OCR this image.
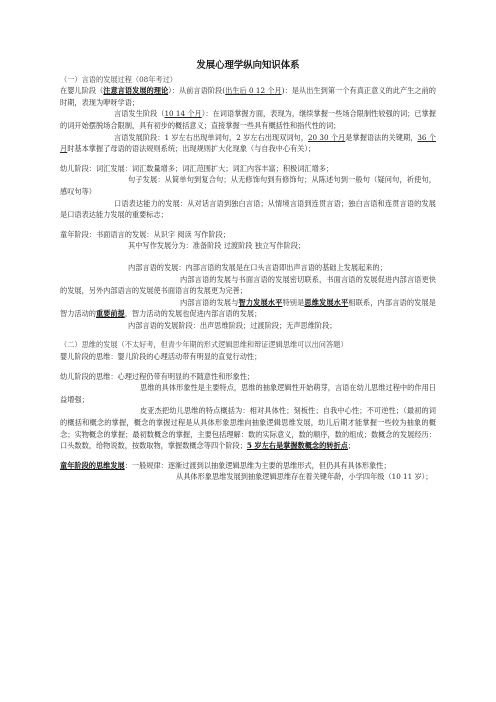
发展心理学纵向知识体系

（一）言语的发展过程（08年考过）

在婴儿阶段（注意言语发展的理论）：从前言语阶段(出生后 0 12 个月)：是从出生到第一个有真正意义的此产生之前的时期，表现为咿呀学语；

言语发生阶段（10 14 个月）：在词语掌握方面，表现为，继续掌握一些场合限制性较强的词；已掌握的词开始摆脱场合限制，具有初步的概括意义；直接掌握一些具有概括性和指代性的词；

言语发展阶段：1 岁左右出现单词句，2 岁左右出现双词句，20 30 个月是掌握语法的关键期，36 个月时基本掌握了母语的语法规则系统；出现规则扩大化现象（与自我中心有关）；

幼儿阶段：词汇发展：词汇数量增多；词汇范围扩大；词汇内容丰富；积极词汇增多；

句子发展：从简单句到复合句；从无修饰句到有修饰句；从陈述句到一般句（疑问句，祈使句，感叹句等）

口语表达能力的发展：从对话言语到独白言语；从情境言语到连贯言语；独白言语和连贯言语的发展是口语表达能力发展的重要标志；

童年阶段：书面语言的发展：从识字 阅读 写作阶段；

其中写作发展分为：准备阶段 过渡阶段 独立写作阶段；

内部言语的发展：内部言语的发展是在口头言语即出声言语的基础上发展起来的；

内部言语的发展与书面言语的发展密切联系，书面言语的发展促进内部言语更快的发展，另外内部语言的发展使书面语言的发展更为完善；

内部言语的发展与智力发展水平特别是思维发展水平相联系，内部言语的发展是智力活动的重要前提，智力活动的发展也促进内部言语的发展；

内部言语的发展阶段：出声思维阶段；过渡阶段；无声思维阶段；

（二）思维的发展（不太好考，但青少年期的形式逻辑思维和辩证逻辑思维可以出问答题）

婴儿阶段的思维：婴儿阶段的心理活动带有明显的直觉行动性；

幼儿阶段的思维：心理过程仍带有明显的不随意性和形象性；

思维的具体形象性是主要特点，思维的抽象逻辑性开始萌芽，言语在幼儿思维过程中的作用日益增强；

皮亚杰把幼儿思维的特点概括为：相对具体性；刻板性；自我中心性；不可逆性；（最初的词的概括和概念的掌握，概念的掌握过程是从具体形象思维向抽象逻辑思维发展，幼儿后期才能掌握一些较为抽象的概念；实物概念的掌握；最初数概念的掌握，主要包括理解：数的实际意义，数的顺序，数的组成；数概念的发展经历：口头数数，给物说数，按数取物，掌握数概念等四个阶段；5 岁左右是掌握数概念的转折点；

童年阶段的思维发展：一般规律：逐渐过渡到以抽象逻辑思维为主要的思维形式，但仍具有具体形象性；

从具体形象思维发展到抽象逻辑思维存在着关键年龄，小学四年级（10 11 岁）；
